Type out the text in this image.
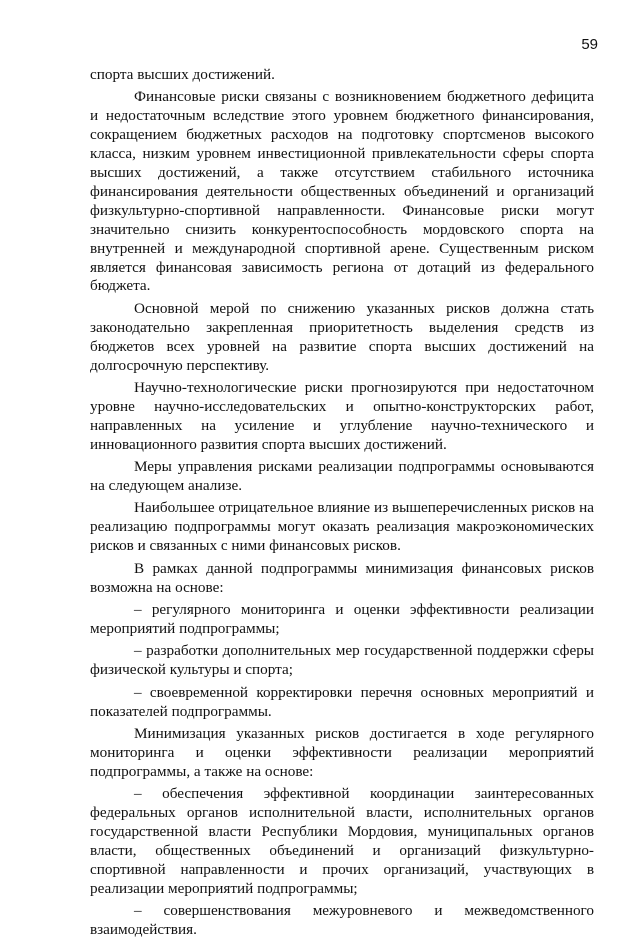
59

спорта высших достижений.

Финансовые риски связаны с возникновением бюджетного дефицита и недостаточным вследствие этого уровнем бюджетного финансирования, сокращением бюджетных расходов на подготовку спортсменов высокого класса, низким уровнем инвестиционной привлекательности сферы спорта высших достижений, а также отсутствием стабильного источника финансирования деятельности общественных объединений и организаций физкультурно-спортивной направленности. Финансовые риски могут значительно снизить конкурентоспособность мордовского спорта на внутренней и международной спортивной арене. Существенным риском является финансовая зависимость региона от дотаций из федерального бюджета.

Основной мерой по снижению указанных рисков должна стать законодательно закрепленная приоритетность выделения средств из бюджетов всех уровней на развитие спорта высших достижений на долгосрочную перспективу.

Научно-технологические риски прогнозируются при недостаточном уровне научно-исследовательских и опытно-конструкторских работ, направленных на усиление и углубление научно-технического и инновационного развития спорта высших достижений.

Меры управления рисками реализации подпрограммы основываются на следующем анализе.

Наибольшее отрицательное влияние из вышеперечисленных рисков на реализацию подпрограммы могут оказать реализация макроэкономических рисков и связанных с ними финансовых рисков.

В рамках данной подпрограммы минимизация финансовых рисков возможна на основе:

– регулярного мониторинга и оценки эффективности реализации мероприятий подпрограммы;

– разработки дополнительных мер государственной поддержки сферы физической культуры и спорта;

– своевременной корректировки перечня основных мероприятий и показателей подпрограммы.

Минимизация указанных рисков достигается в ходе регулярного мониторинга и оценки эффективности реализации мероприятий подпрограммы, а также на основе:

– обеспечения эффективной координации заинтересованных федеральных органов исполнительной власти, исполнительных органов государственной власти Республики Мордовия, муниципальных органов власти, общественных объединений и организаций физкультурно-спортивной направленности и прочих организаций, участвующих в реализации мероприятий подпрограммы;

– совершенствования межуровневого и межведомственного взаимодействия.
